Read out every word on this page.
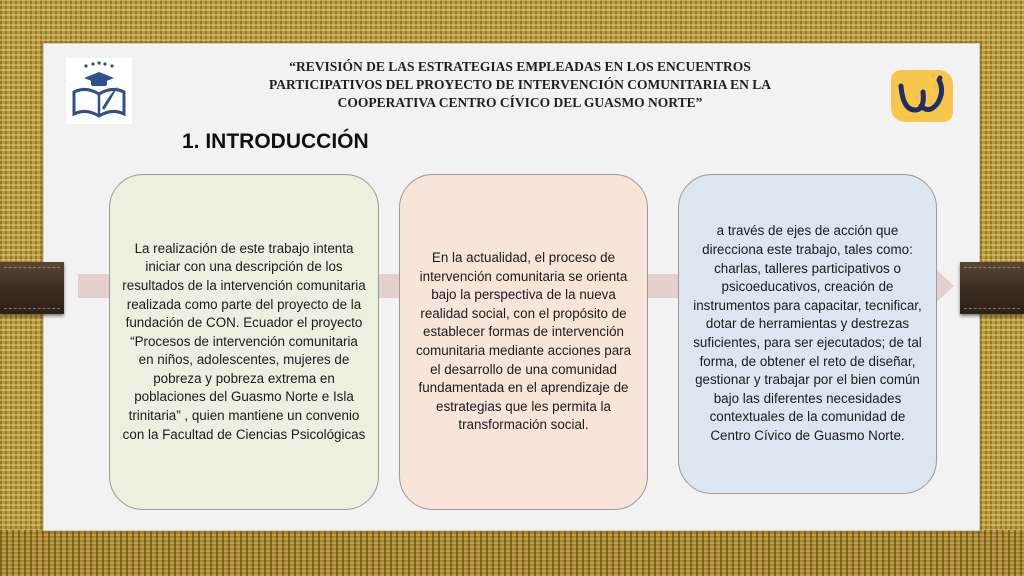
“REVISIÓN DE LAS ESTRATEGIAS EMPLEADAS EN LOS ENCUENTROS
PARTICIPATIVOS DEL PROYECTO DE INTERVENCIÓN COMUNITARIA EN LA
COOPERATIVA CENTRO CÍVICO DEL GUASMO NORTE”
1. INTRODUCCIÓN
La realización de este trabajo intenta iniciar con una descripción de los resultados de la intervención comunitaria realizada como parte del proyecto de la fundación de CON. Ecuador el proyecto “Procesos de intervención comunitaria en niños, adolescentes, mujeres de pobreza y pobreza extrema en poblaciones del Guasmo Norte e Isla trinitaria” , quien mantiene un convenio con la Facultad de Ciencias Psicológicas
En la actualidad, el proceso de intervención comunitaria se orienta bajo la perspectiva de la nueva realidad social, con el propósito de establecer formas de intervención comunitaria mediante acciones para el desarrollo de una comunidad fundamentada en el aprendizaje de estrategias que les permita la transformación social.
a través de ejes de acción que direcciona este trabajo, tales como: charlas, talleres participativos o psicoeducativos, creación de instrumentos para capacitar, tecnificar, dotar de herramientas y destrezas suficientes, para ser ejecutados; de tal forma, de obtener el reto de diseñar, gestionar y trabajar por el bien común bajo las diferentes necesidades contextuales de la comunidad de Centro Cívico de Guasmo Norte.
